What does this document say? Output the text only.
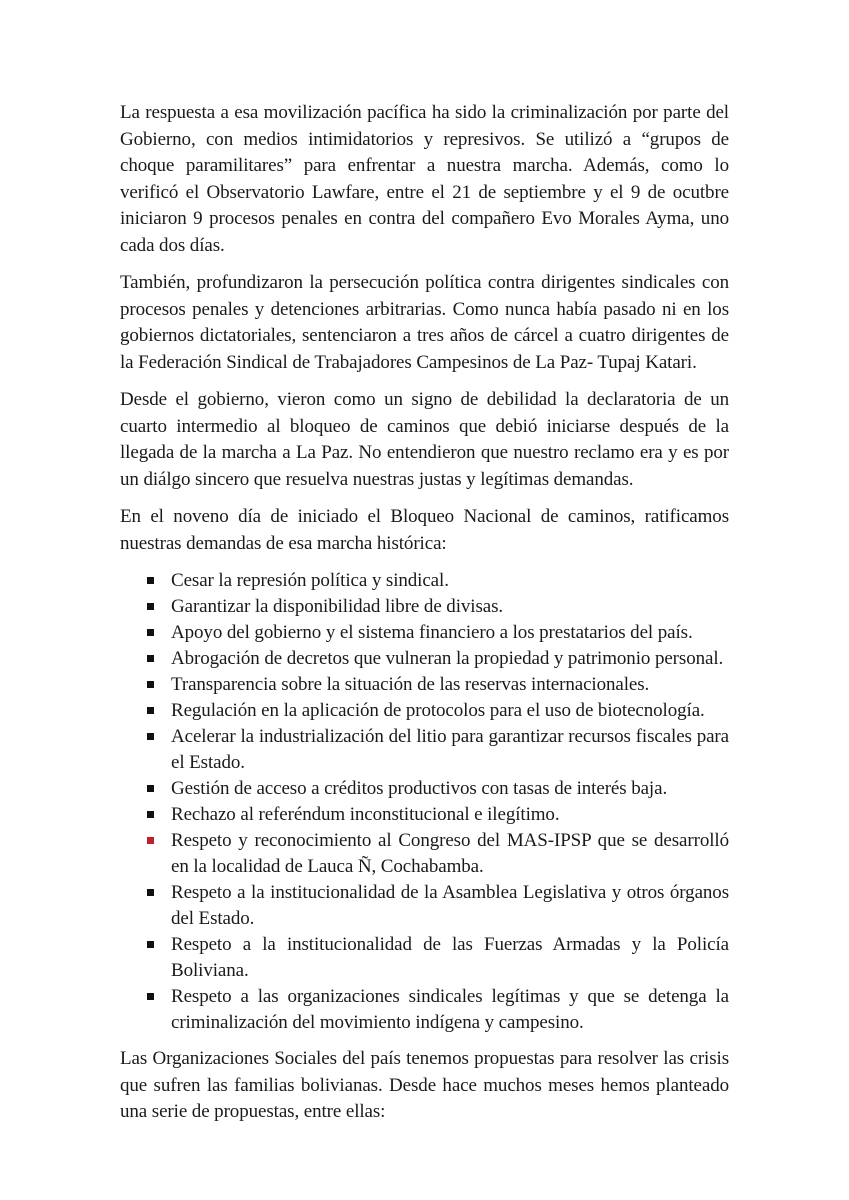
La respuesta a esa movilización pacífica ha sido la criminalización por parte del Gobierno, con medios intimidatorios y represivos. Se utilizó a “grupos de choque paramilitares” para enfrentar a nuestra marcha. Además, como lo verificó el Observatorio Lawfare, entre el 21 de septiembre y el 9 de ocutbre iniciaron 9 procesos penales en contra del compañero Evo Morales Ayma, uno cada dos días.

También, profundizaron la persecución política contra dirigentes sindicales con procesos penales y detenciones arbitrarias. Como nunca había pasado ni en los gobiernos dictatoriales, sentenciaron a tres años de cárcel a cuatro dirigentes de la Federación Sindical de Trabajadores Campesinos de La Paz- Tupaj Katari.

Desde el gobierno, vieron como un signo de debilidad la declaratoria de un cuarto intermedio al bloqueo de caminos que debió iniciarse después de la llegada de la marcha a La Paz. No entendieron que nuestro reclamo era y es por un diálgo sincero que resuelva nuestras justas y legítimas demandas.

En el noveno día de iniciado el Bloqueo Nacional de caminos, ratificamos nuestras demandas de esa marcha histórica:

Cesar la represión política y sindical.
Garantizar la disponibilidad libre de divisas.
Apoyo del gobierno y el sistema financiero a los prestatarios del país.
Abrogación de decretos que vulneran la propiedad y patrimonio personal.
Transparencia sobre la situación de las reservas internacionales.
Regulación en la aplicación de protocolos para el uso de biotecnología.
Acelerar la industrialización del litio para garantizar recursos fiscales para el Estado.
Gestión de acceso a créditos productivos con tasas de interés baja.
Rechazo al referéndum inconstitucional e ilegítimo.
Respeto y reconocimiento al Congreso del MAS-IPSP que se desarrolló en la localidad de Lauca Ñ, Cochabamba.
Respeto a la institucionalidad de la Asamblea Legislativa y otros órganos del Estado.
Respeto a la institucionalidad de las Fuerzas Armadas y la Policía Boliviana.
Respeto a las organizaciones sindicales legítimas y que se detenga la criminalización del movimiento indígena y campesino.

Las Organizaciones Sociales del país tenemos propuestas para resolver las crisis que sufren las familias bolivianas. Desde hace muchos meses hemos planteado una serie de propuestas, entre ellas:
